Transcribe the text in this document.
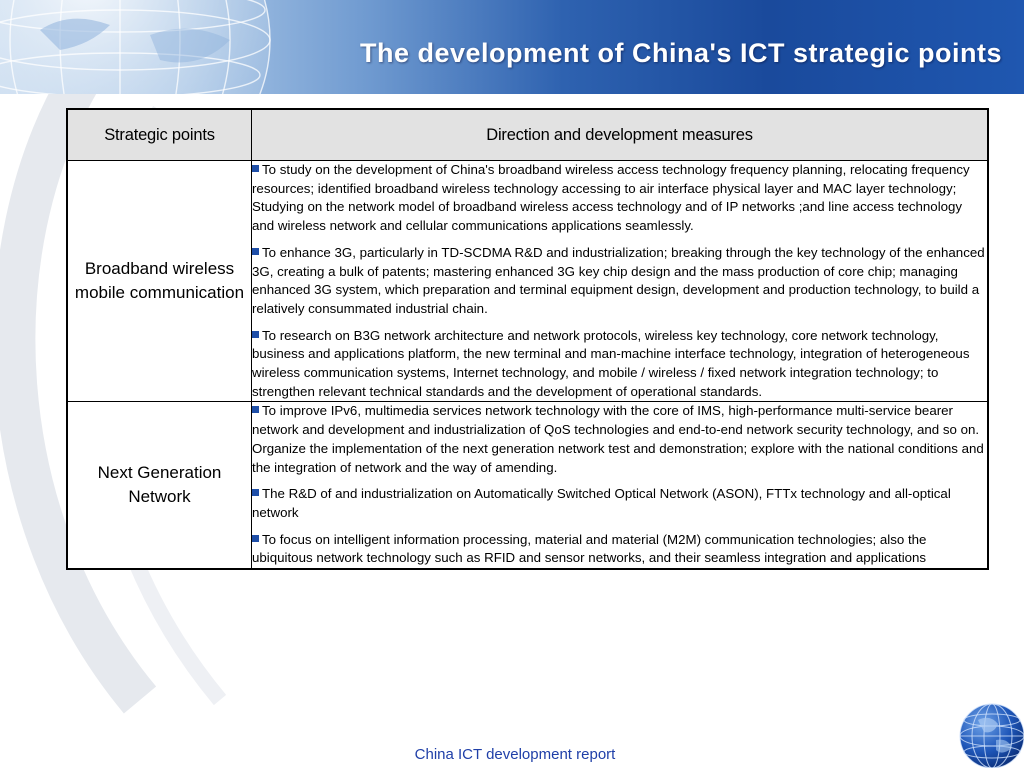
The development of China's ICT strategic points
Strategic points	Direction and development measures
Broadband wireless mobile communication	To study on the development of China's broadband wireless access technology frequency planning, relocating frequency resources; identified broadband wireless technology accessing to air interface physical layer and MAC layer technology; Studying on the network model of broadband wireless access technology and of IP networks ;and line access technology and wireless network and cellular communications applications seamlessly.
To enhance 3G, particularly in TD-SCDMA R&D and industrialization; breaking through the key technology of the enhanced 3G, creating a bulk of patents; mastering enhanced 3G key chip design and the mass production of core chip; managing enhanced 3G system, which preparation and terminal equipment design, development and production technology, to build a relatively consummated industrial chain.
To research on B3G network architecture and network protocols, wireless key technology, core network technology, business and applications platform, the new terminal and man-machine interface technology, integration of heterogeneous wireless communication systems, Internet technology, and mobile / wireless / fixed network integration technology; to strengthen relevant technical standards and the development of operational standards.

Next Generation Network	To improve IPv6, multimedia services network technology with the core of IMS, high-performance multi-service bearer network and development and industrialization of QoS technologies and end-to-end network security technology, and so on. Organize the implementation of the next generation network test and demonstration; explore with the national conditions and the integration of network and the way of amending.
The R&D of and industrialization on Automatically Switched Optical Network (ASON), FTTx technology and all-optical network
To focus on intelligent information processing, material and material (M2M) communication technologies; also the ubiquitous network technology such as RFID and sensor networks, and their seamless integration and applications
China ICT development report
